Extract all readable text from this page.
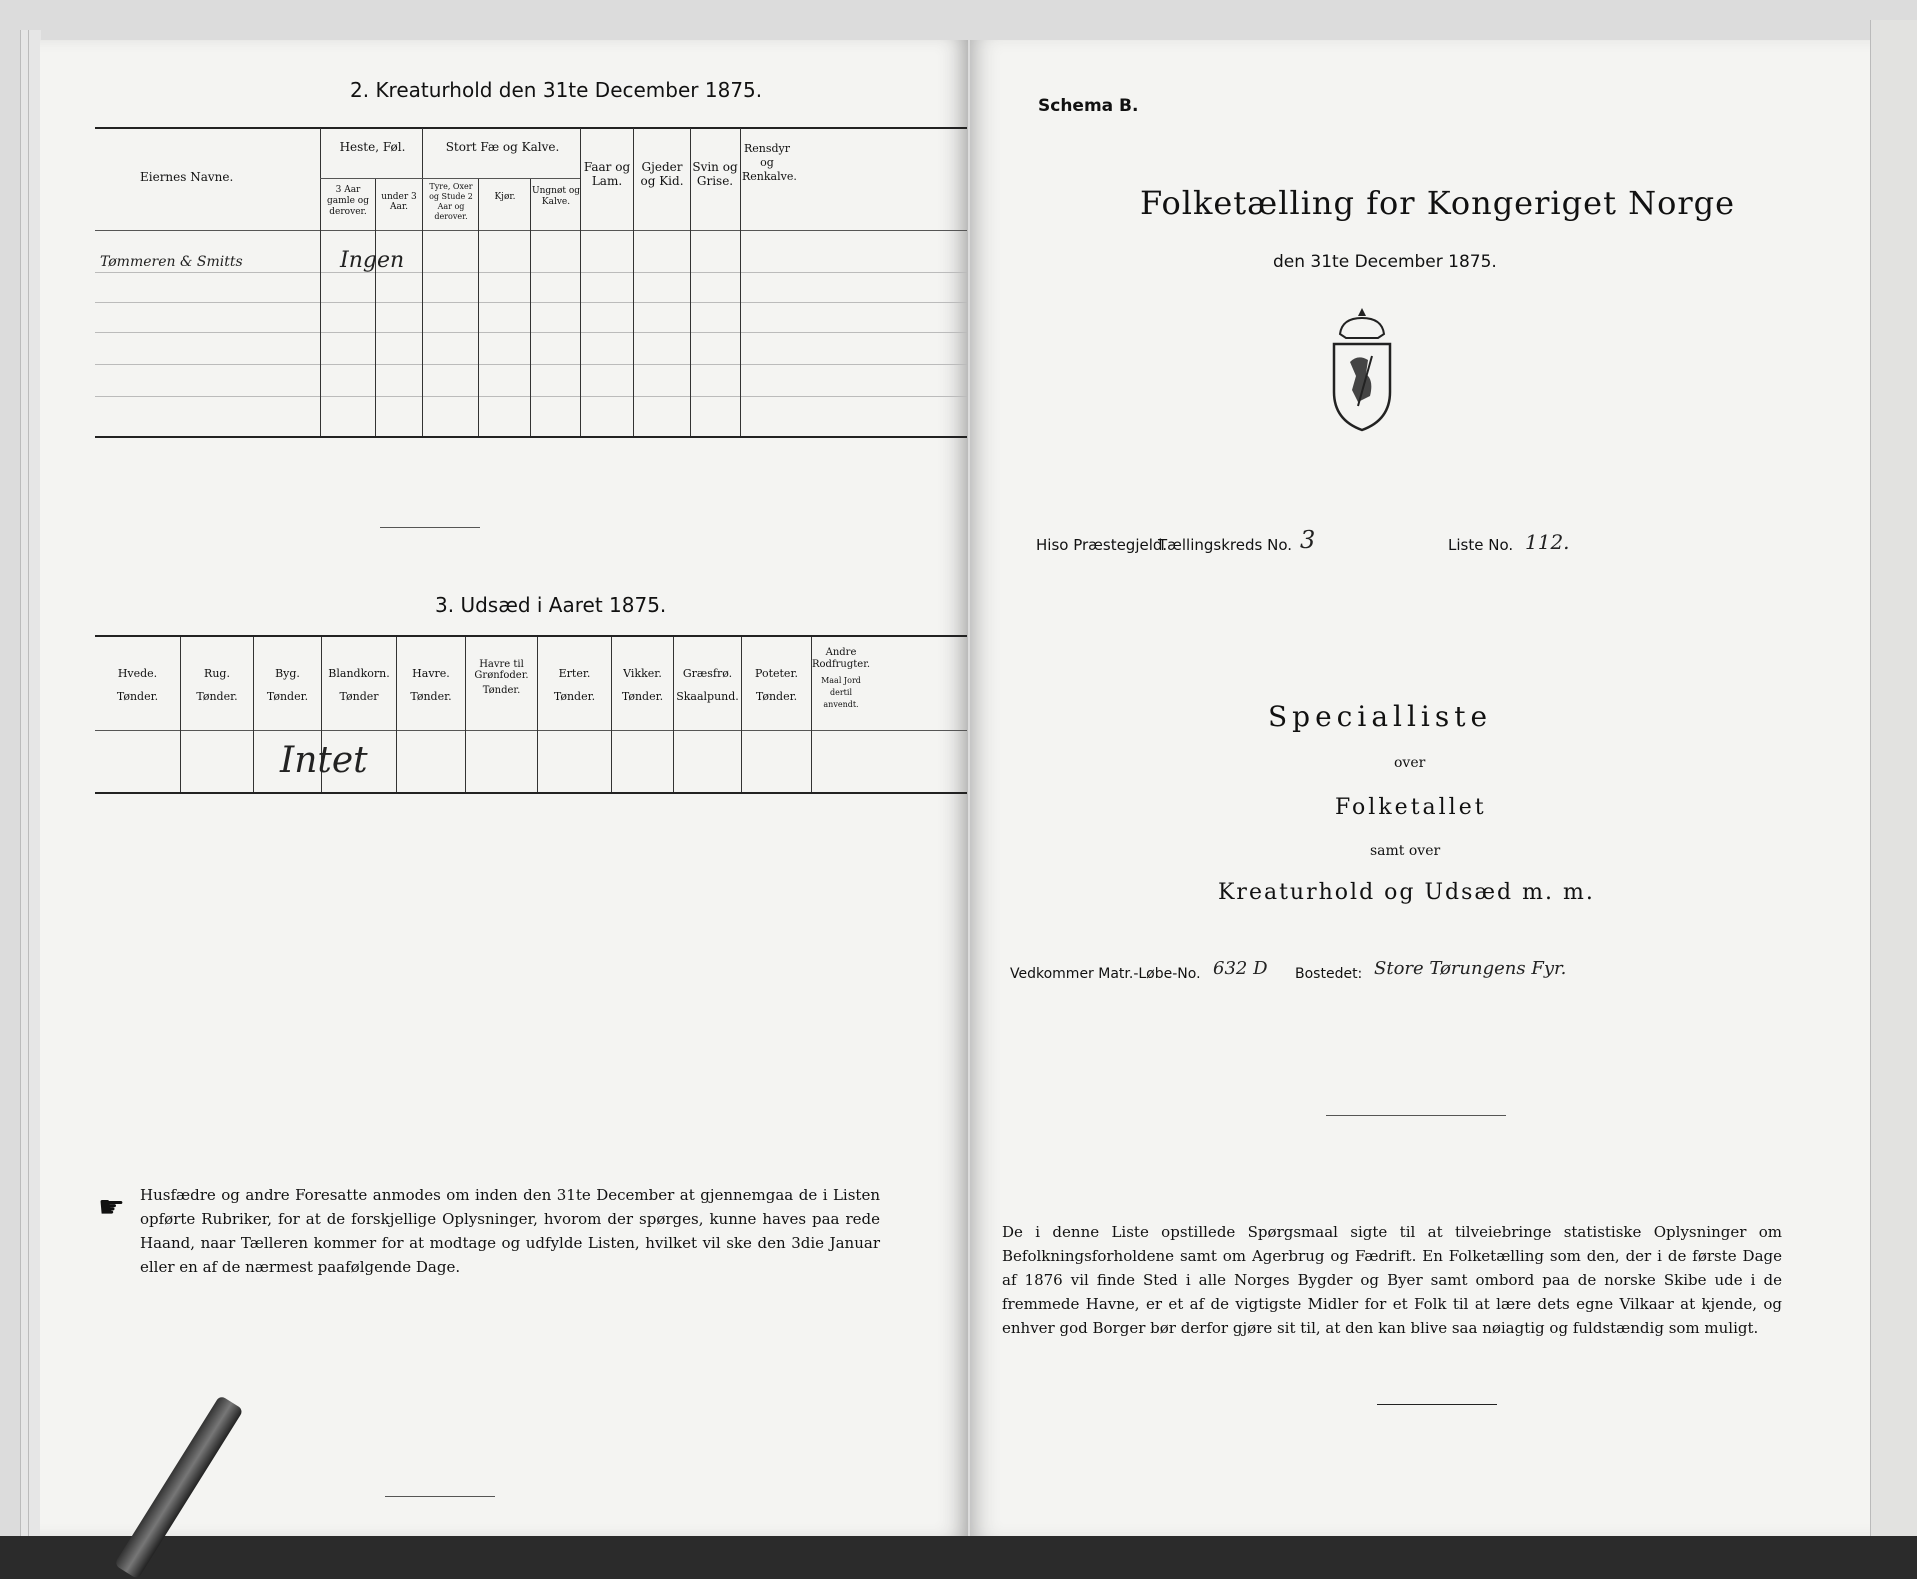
2. Kreaturhold den 31te December 1875.
Eiernes Navne.
Heste, Føl.
3 Aar gamle og derover.
under 3 Aar.
Stort Fæ og Kalve.
Tyre, Oxer og Stude 2 Aar og derover.
Kjør.
Ungnøt og Kalve.
Faar og Lam.
Gjeder og Kid.
Svin og Grise.
Rensdyr og Renkalve.
Tømmeren & Smitts	Ingen
3. Udsæd i Aaret 1875.
Hvede.
Tønder.
Rug.
Tønder.
Byg.
Tønder.
Blandkorn.
Tønder
Havre.
Tønder.
Havre til Grønfoder.
Tønder.
Erter.
Tønder.
Vikker.
Tønder.
Græsfrø.
Skaalpund.
Poteter.
Tønder.
Andre Rodfrugter.
Maal Jord dertil anvendt.
Intet
☛ Husfædre og andre Foresatte anmodes om inden den 31te December at gjennemgaa de i Listen opførte Rubriker, for at de forskjellige Oplysninger, hvorom der spørges, kunne haves paa rede Haand, naar Tælleren kommer for at modtage og udfylde Listen, hvilket vil ske den 3die Januar eller en af de nærmest paafølgende Dage.
Schema B.
Folketælling for Kongeriget Norge
den 31te December 1875.
Hiso Præstegjeld.
Tællingskreds No. 3	Liste No. 112.
Specialliste
over
Folketallet
samt over
Kreaturhold og Udsæd m. m.
Vedkommer Matr.-Løbe-No. 632 D Bostedet: Store Tørungens Fyr.
De i denne Liste opstillede Spørgsmaal sigte til at tilveiebringe statistiske Oplysninger om Befolkningsforholdene samt om Agerbrug og Fædrift. En Folketælling som den, der i de første Dage af 1876 vil finde Sted i alle Norges Bygder og Byer samt ombord paa de norske Skibe ude i de fremmede Havne, er et af de vigtigste Midler for et Folk til at lære dets egne Vilkaar at kjende, og enhver god Borger bør derfor gjøre sit til, at den kan blive saa nøiagtig og fuldstændig som muligt.
